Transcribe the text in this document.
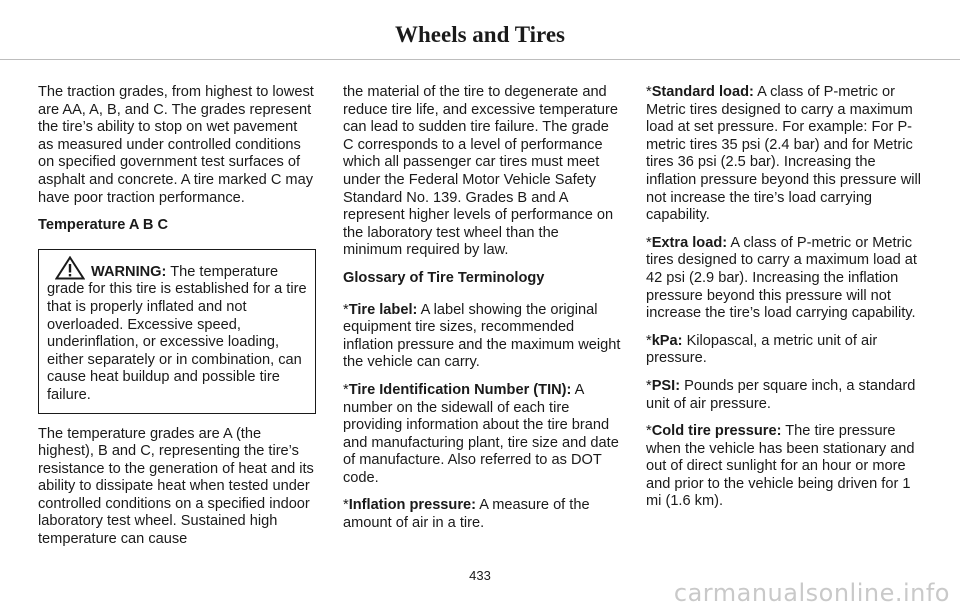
Wheels and Tires

The traction grades, from highest to lowest are AA, A, B, and C. The grades represent the tire’s ability to stop on wet pavement as measured under controlled conditions on specified government test surfaces of asphalt and concrete. A tire marked C may have poor traction performance.

Temperature A B C

WARNING: The temperature grade for this tire is established for a tire that is properly inflated and not overloaded. Excessive speed, underinflation, or excessive loading, either separately or in combination, can cause heat buildup and possible tire failure.

The temperature grades are A (the highest), B and C, representing the tire’s resistance to the generation of heat and its ability to dissipate heat when tested under controlled conditions on a specified indoor laboratory test wheel. Sustained high temperature can cause

the material of the tire to degenerate and reduce tire life, and excessive temperature can lead to sudden tire failure. The grade C corresponds to a level of performance which all passenger car tires must meet under the Federal Motor Vehicle Safety Standard No. 139. Grades B and A represent higher levels of performance on the laboratory test wheel than the minimum required by law.

Glossary of Tire Terminology

*Tire label: A label showing the original equipment tire sizes, recommended inflation pressure and the maximum weight the vehicle can carry.

*Tire Identification Number (TIN): A number on the sidewall of each tire providing information about the tire brand and manufacturing plant, tire size and date of manufacture. Also referred to as DOT code.

*Inflation pressure: A measure of the amount of air in a tire.

*Standard load: A class of P-metric or Metric tires designed to carry a maximum load at set pressure. For example: For P-metric tires 35 psi (2.4 bar) and for Metric tires 36 psi (2.5 bar). Increasing the inflation pressure beyond this pressure will not increase the tire’s load carrying capability.

*Extra load: A class of P-metric or Metric tires designed to carry a maximum load at 42 psi (2.9 bar). Increasing the inflation pressure beyond this pressure will not increase the tire’s load carrying capability.

*kPa: Kilopascal, a metric unit of air pressure.

*PSI: Pounds per square inch, a standard unit of air pressure.

*Cold tire pressure: The tire pressure when the vehicle has been stationary and out of direct sunlight for an hour or more and prior to the vehicle being driven for 1 mi (1.6 km).

433
carmanualsonline.info
